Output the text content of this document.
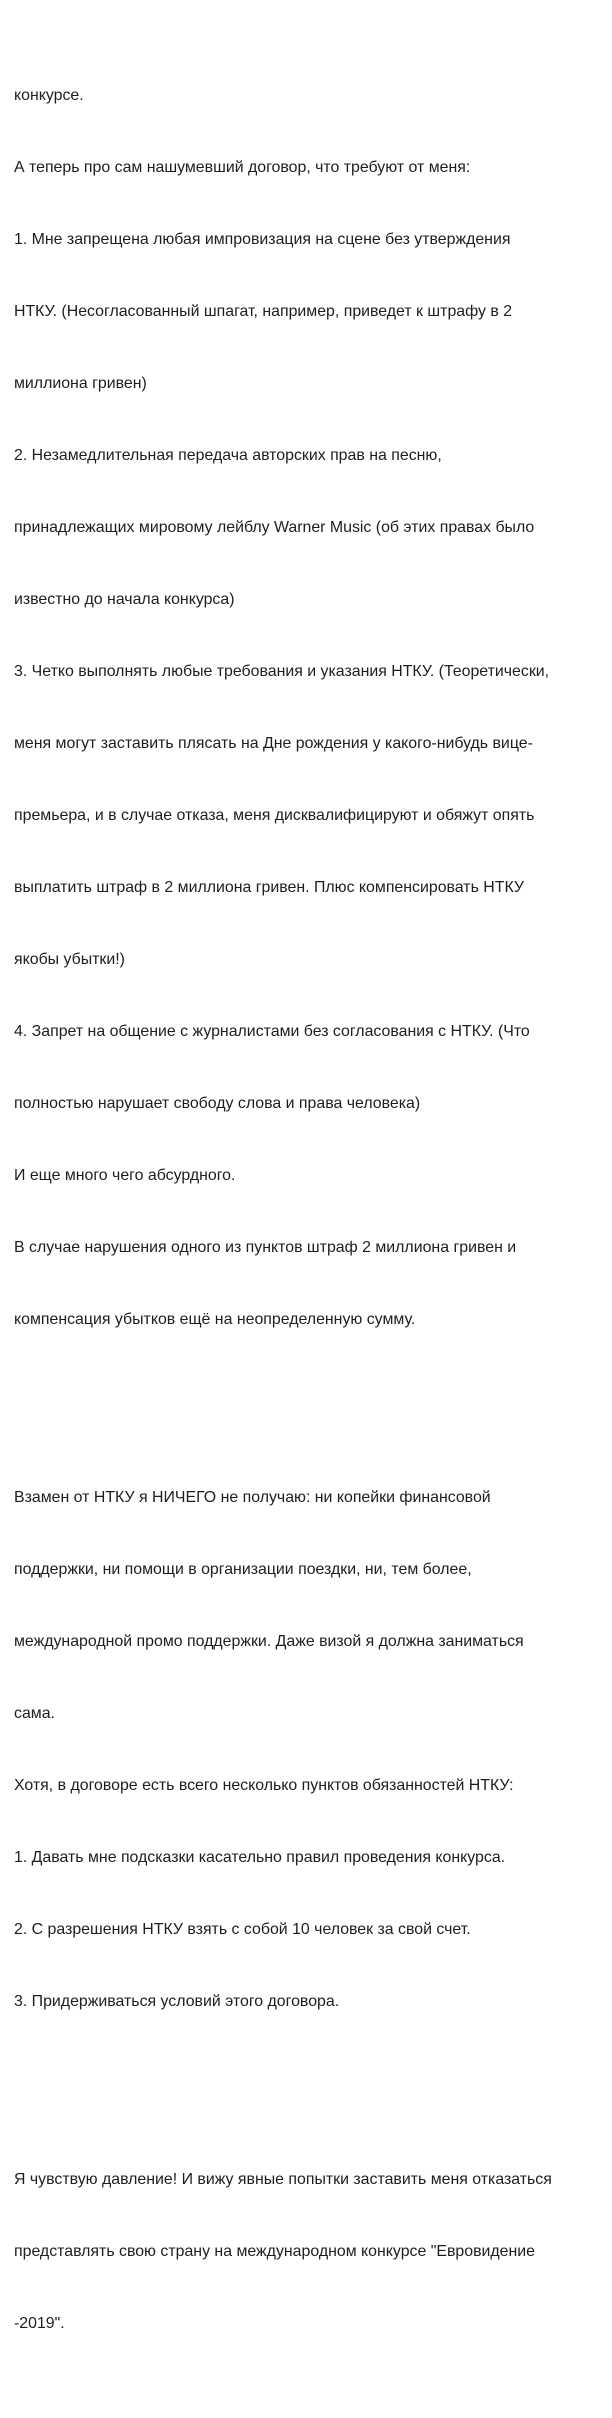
конкурсе.

А теперь про сам нашумевший договор, что требуют от меня:

1. Мне запрещена любая импровизация на сцене без утверждения

НТКУ. (Несогласованный шпагат, например, приведет к штрафу в 2

миллиона гривен)

2. Незамедлительная передача авторских прав на песню,

принадлежащих мировому лейблу Warner Music (об этих правах было

известно до начала конкурса)

3. Четко выполнять любые требования и указания НТКУ. (Теоретически,

меня могут заставить плясать на Дне рождения у какого-нибудь вице-

премьера, и в случае отказа, меня дисквалифицируют и обяжут опять

выплатить штраф в 2 миллиона гривен. Плюс компенсировать НТКУ

якобы убытки!)

4. Запрет на общение с журналистами без согласования с НТКУ. (Что

полностью нарушает свободу слова и права человека)

И еще много чего абсурдного.

В случае нарушения одного из пунктов штраф 2 миллиона гривен и

компенсация убытков ещё на неопределенную сумму.

Взамен от НТКУ я НИЧЕГО не получаю: ни копейки финансовой

поддержки, ни помощи в организации поездки, ни, тем более,

международной промо поддержки. Даже визой я должна заниматься

сама.

Хотя, в договоре есть всего несколько пунктов обязанностей НТКУ:

1. Давать мне подсказки касательно правил проведения конкурса.

2. С разрешения НТКУ взять с собой 10 человек за свой счет.

3. Придерживаться условий этого договора.

Я чувствую давление! И вижу явные попытки заставить меня отказаться

представлять свою страну на международном конкурсе "Евровидение

-2019".
